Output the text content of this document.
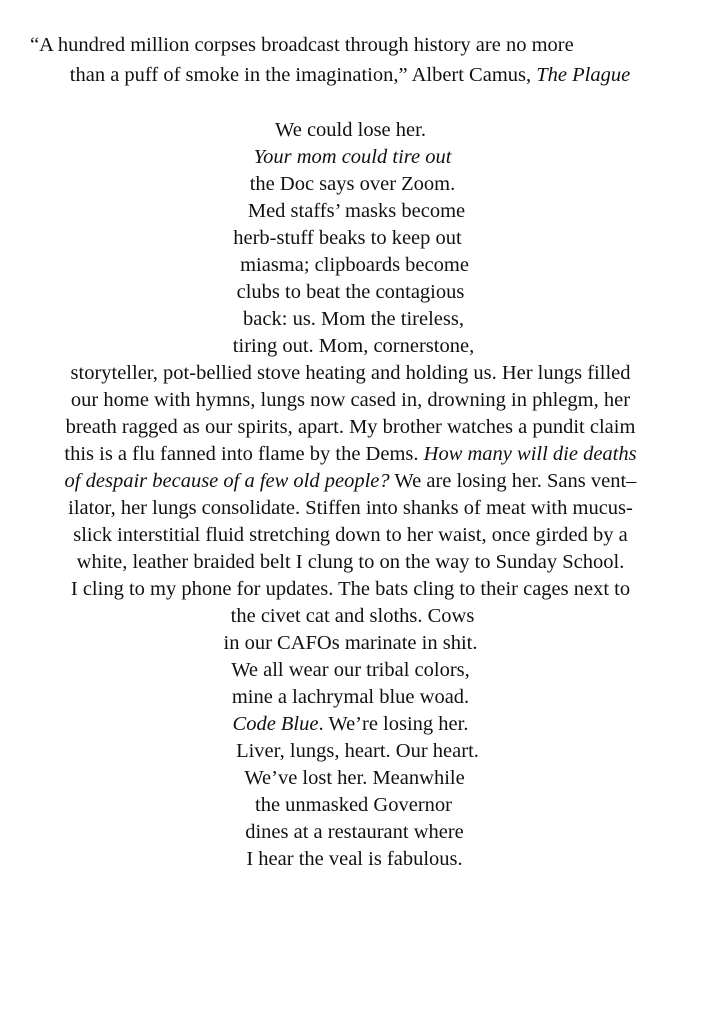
“A hundred million corpses broadcast through history are no more
than a puff of smoke in the imagination,” Albert Camus, The Plague
We could lose her.
Your mom could tire out
the Doc says over Zoom.
Med staffs’ masks become
herb-stuff beaks to keep out
miasma; clipboards become
clubs to beat the contagious
back: us. Mom the tireless,
tiring out. Mom, cornerstone,
storyteller, pot-bellied stove heating and holding us. Her lungs filled
our home with hymns, lungs now cased in, drowning in phlegm, her
breath ragged as our spirits, apart. My brother watches a pundit claim
this is a flu fanned into flame by the Dems. How many will die deaths
of despair because of a few old people? We are losing her. Sans vent–
ilator, her lungs consolidate. Stiffen into shanks of meat with mucus-
slick interstitial fluid stretching down to her waist, once girded by a
white, leather braided belt I clung to on the way to Sunday School.
I cling to my phone for updates. The bats cling to their cages next to
the civet cat and sloths. Cows
in our CAFOs marinate in shit.
We all wear our tribal colors,
mine a lachrymal blue woad.
Code Blue. We’re losing her.
Liver, lungs, heart. Our heart.
We’ve lost her. Meanwhile
the unmasked Governor
dines at a restaurant where
I hear the veal is fabulous.
